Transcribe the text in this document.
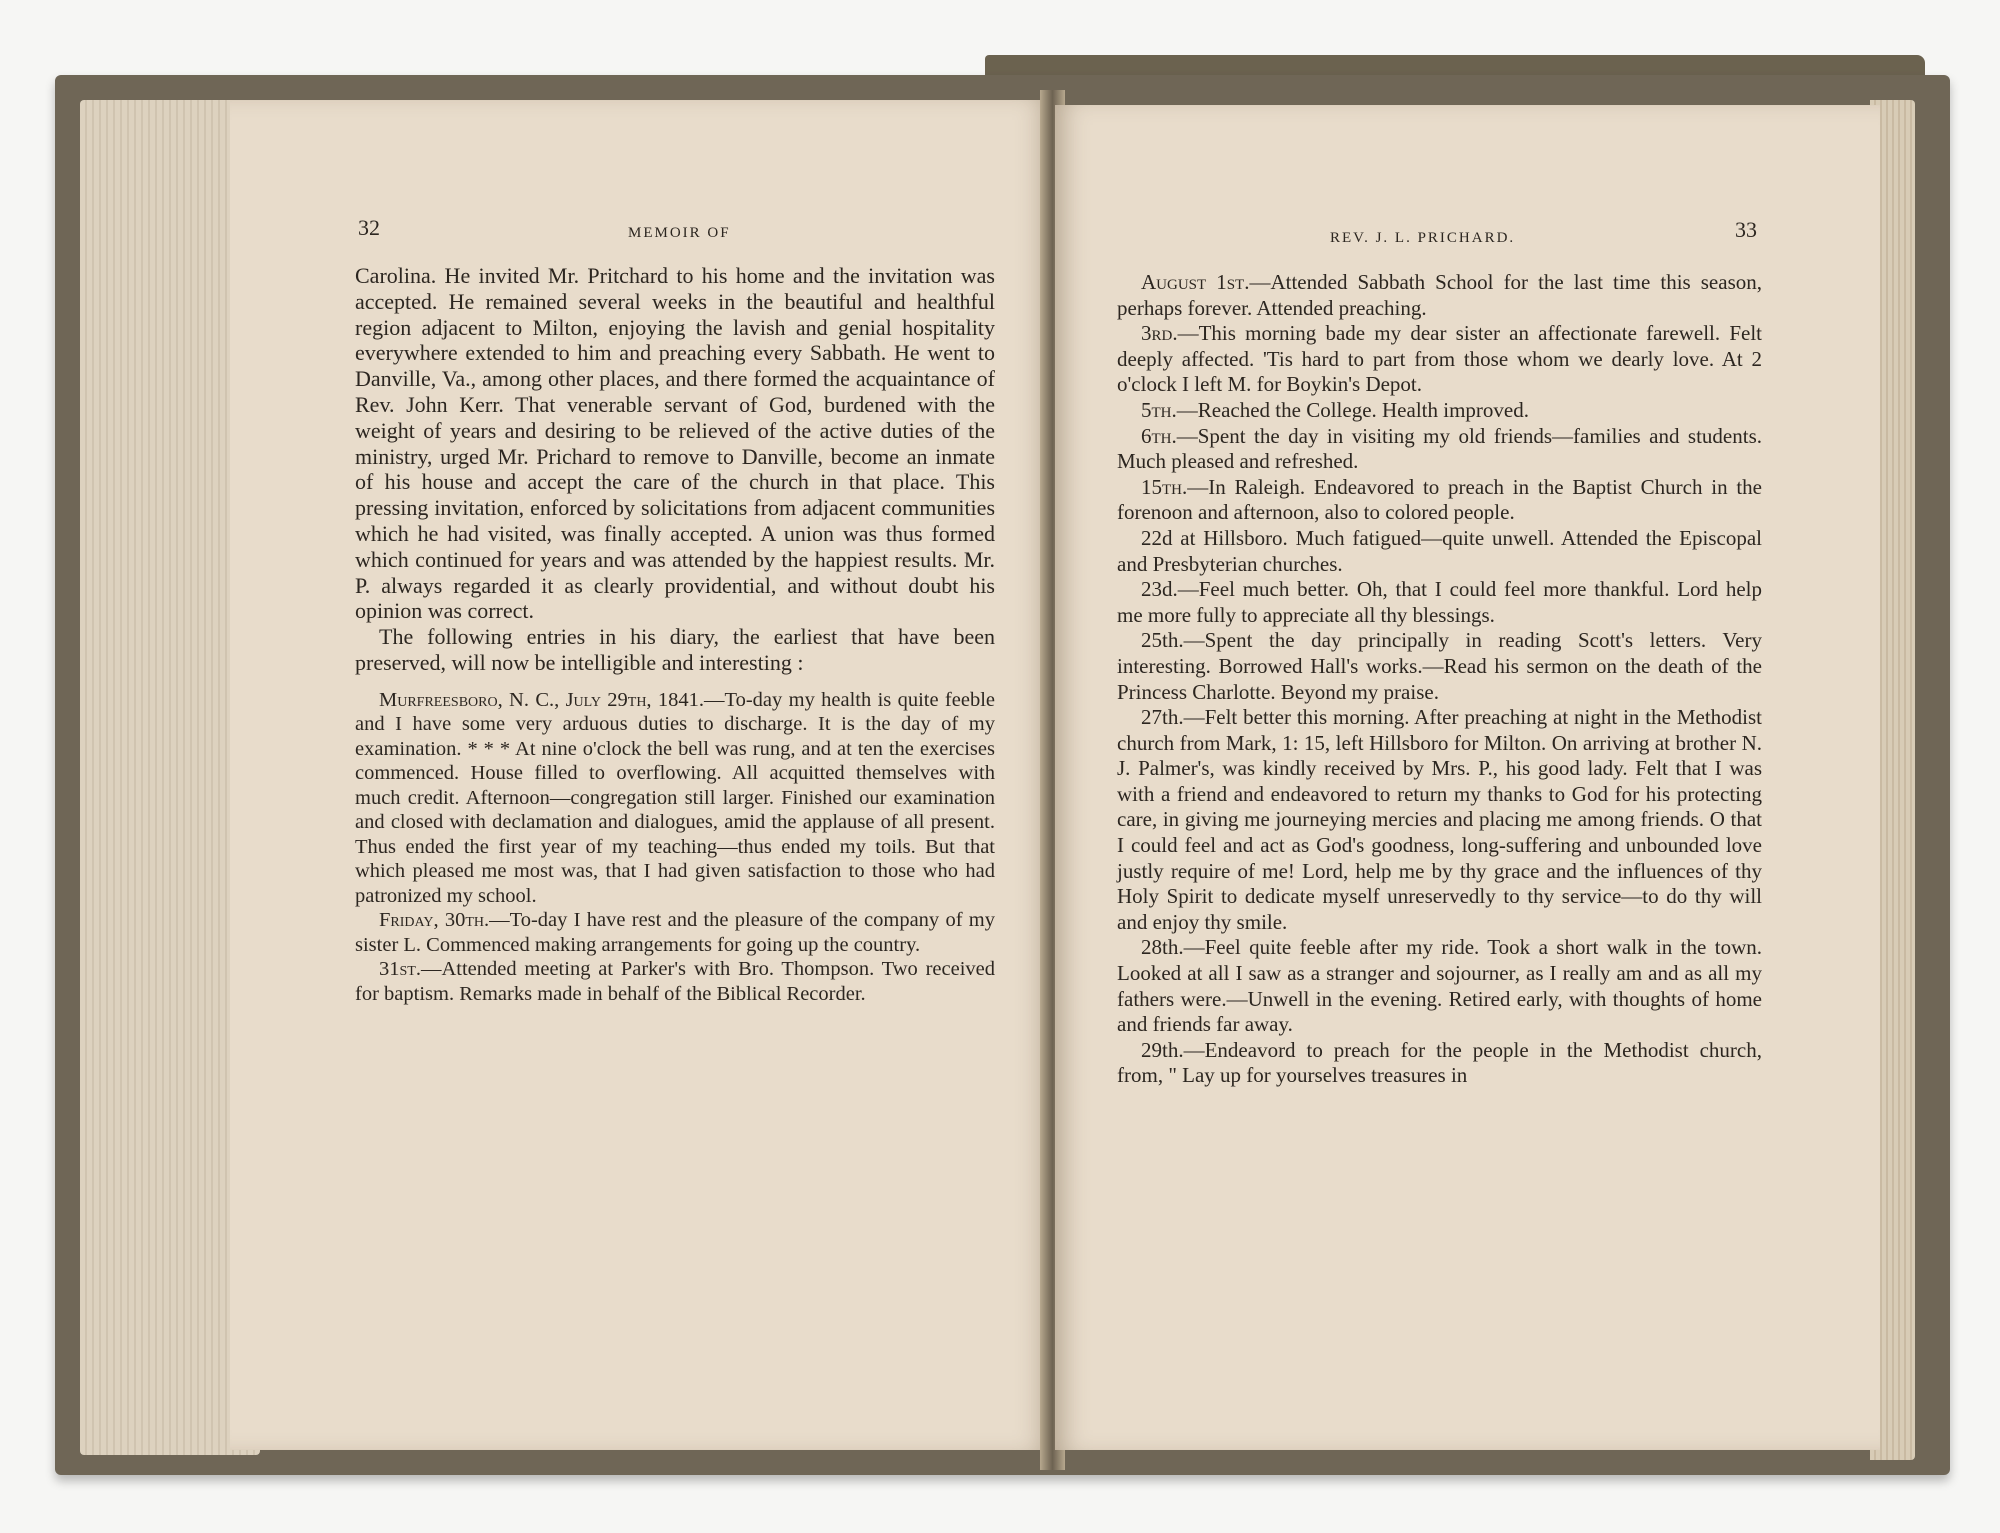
32	MEMOIR OF

Carolina. He invited Mr. Pritchard to his home and the invitation was accepted. He remained several weeks in the beautiful and healthful region adjacent to Milton, enjoying the lavish and genial hospitality everywhere extended to him and preaching every Sabbath. He went to Danville, Va., among other places, and there formed the acquaintance of Rev. John Kerr. That venerable servant of God, burdened with the weight of years and desiring to be relieved of the active duties of the ministry, urged Mr. Prichard to remove to Danville, become an inmate of his house and accept the care of the church in that place. This pressing invitation, enforced by solicitations from adjacent communities which he had visited, was finally accepted. A union was thus formed which continued for years and was attended by the happiest results. Mr. P. always regarded it as clearly providential, and without doubt his opinion was correct.

The following entries in his diary, the earliest that have been preserved, will now be intelligible and interesting :

Murfreesboro, N. C., July 29th, 1841.—To-day my health is quite feeble and I have some very arduous duties to discharge. It is the day of my examination. * * * At nine o'clock the bell was rung, and at ten the exercises commenced. House filled to overflowing. All acquitted themselves with much credit. Afternoon—congregation still larger. Finished our examination and closed with declamation and dialogues, amid the applause of all present. Thus ended the first year of my teaching—thus ended my toils. But that which pleased me most was, that I had given satisfaction to those who had patronized my school.

Friday, 30th.—To-day I have rest and the pleasure of the company of my sister L. Commenced making arrangements for going up the country.

31st.—Attended meeting at Parker's with Bro. Thompson. Two received for baptism. Remarks made in behalf of the Biblical Recorder.

REV. J. L. PRICHARD.	33

August 1st.—Attended Sabbath School for the last time this season, perhaps forever. Attended preaching.

3rd.—This morning bade my dear sister an affectionate farewell. Felt deeply affected. 'Tis hard to part from those whom we dearly love. At 2 o'clock I left M. for Boykin's Depot.

5th.—Reached the College. Health improved.

6th.—Spent the day in visiting my old friends—families and students. Much pleased and refreshed.

15th.—In Raleigh. Endeavored to preach in the Baptist Church in the forenoon and afternoon, also to colored people.

22d at Hillsboro. Much fatigued—quite unwell. Attended the Episcopal and Presbyterian churches.

23d.—Feel much better. Oh, that I could feel more thankful. Lord help me more fully to appreciate all thy blessings.

25th.—Spent the day principally in reading Scott's letters. Very interesting. Borrowed Hall's works.—Read his sermon on the death of the Princess Charlotte. Beyond my praise.

27th.—Felt better this morning. After preaching at night in the Methodist church from Mark, 1: 15, left Hillsboro for Milton. On arriving at brother N. J. Palmer's, was kindly received by Mrs. P., his good lady. Felt that I was with a friend and endeavored to return my thanks to God for his protecting care, in giving me journeying mercies and placing me among friends. O that I could feel and act as God's goodness, long-suffering and unbounded love justly require of me! Lord, help me by thy grace and the influences of thy Holy Spirit to dedicate myself unreservedly to thy service—to do thy will and enjoy thy smile.

28th.—Feel quite feeble after my ride. Took a short walk in the town. Looked at all I saw as a stranger and sojourner, as I really am and as all my fathers were.—Unwell in the evening. Retired early, with thoughts of home and friends far away.

29th.—Endeavord to preach for the people in the Methodist church, from, " Lay up for yourselves treasures in
